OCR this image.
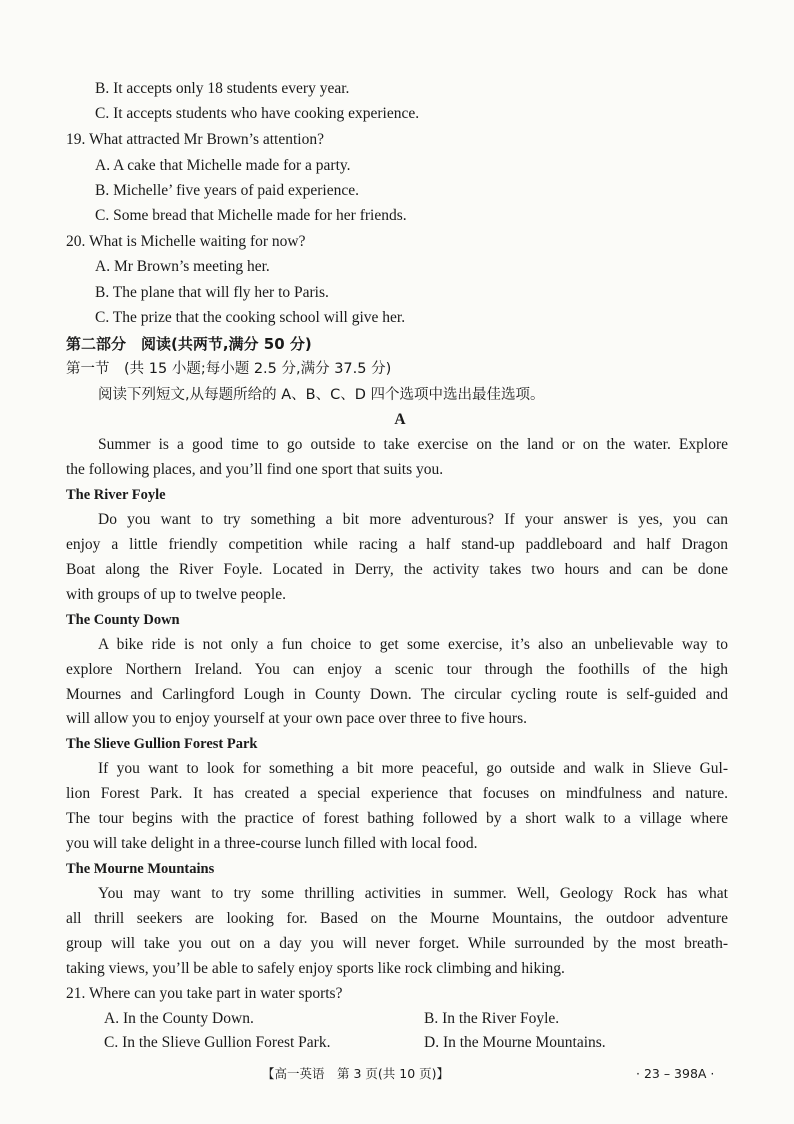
B. It accepts only 18 students every year.
C. It accepts students who have cooking experience.
19. What attracted Mr Brown’s attention?
A. A cake that Michelle made for a party.
B. Michelle’ five years of paid experience.
C. Some bread that Michelle made for her friends.
20. What is Michelle waiting for now?
A. Mr Brown’s meeting her.
B. The plane that will fly her to Paris.
C. The prize that the cooking school will give her.
第二部分　阅读(共两节,满分 50 分)
第一节　(共 15 小题;每小题 2.5 分,满分 37.5 分)
阅读下列短文,从每题所给的 A、B、C、D 四个选项中选出最佳选项。
A
Summer is a good time to go outside to take exercise on the land or on the water. Explore
the following places, and you’ll find one sport that suits you.
The River Foyle
Do you want to try something a bit more adventurous? If your answer is yes, you can
enjoy a little friendly competition while racing a half stand-up paddleboard and half Dragon
Boat along the River Foyle. Located in Derry, the activity takes two hours and can be done
with groups of up to twelve people.
The County Down
A bike ride is not only a fun choice to get some exercise, it’s also an unbelievable way to
explore Northern Ireland. You can enjoy a scenic tour through the foothills of the high
Mournes and Carlingford Lough in County Down. The circular cycling route is self-guided and
will allow you to enjoy yourself at your own pace over three to five hours.
The Slieve Gullion Forest Park
If you want to look for something a bit more peaceful, go outside and walk in Slieve Gul-
lion Forest Park. It has created a special experience that focuses on mindfulness and nature.
The tour begins with the practice of forest bathing followed by a short walk to a village where
you will take delight in a three-course lunch filled with local food.
The Mourne Mountains
You may want to try some thrilling activities in summer. Well, Geology Rock has what
all thrill seekers are looking for. Based on the Mourne Mountains, the outdoor adventure
group will take you out on a day you will never forget. While surrounded by the most breath-
taking views, you’ll be able to safely enjoy sports like rock climbing and hiking.
21. Where can you take part in water sports?
A. In the County Down.	B. In the River Foyle.
C. In the Slieve Gullion Forest Park.	D. In the Mourne Mountains.
【高一英语　第 3 页(共 10 页)】	· 23 – 398A ·
